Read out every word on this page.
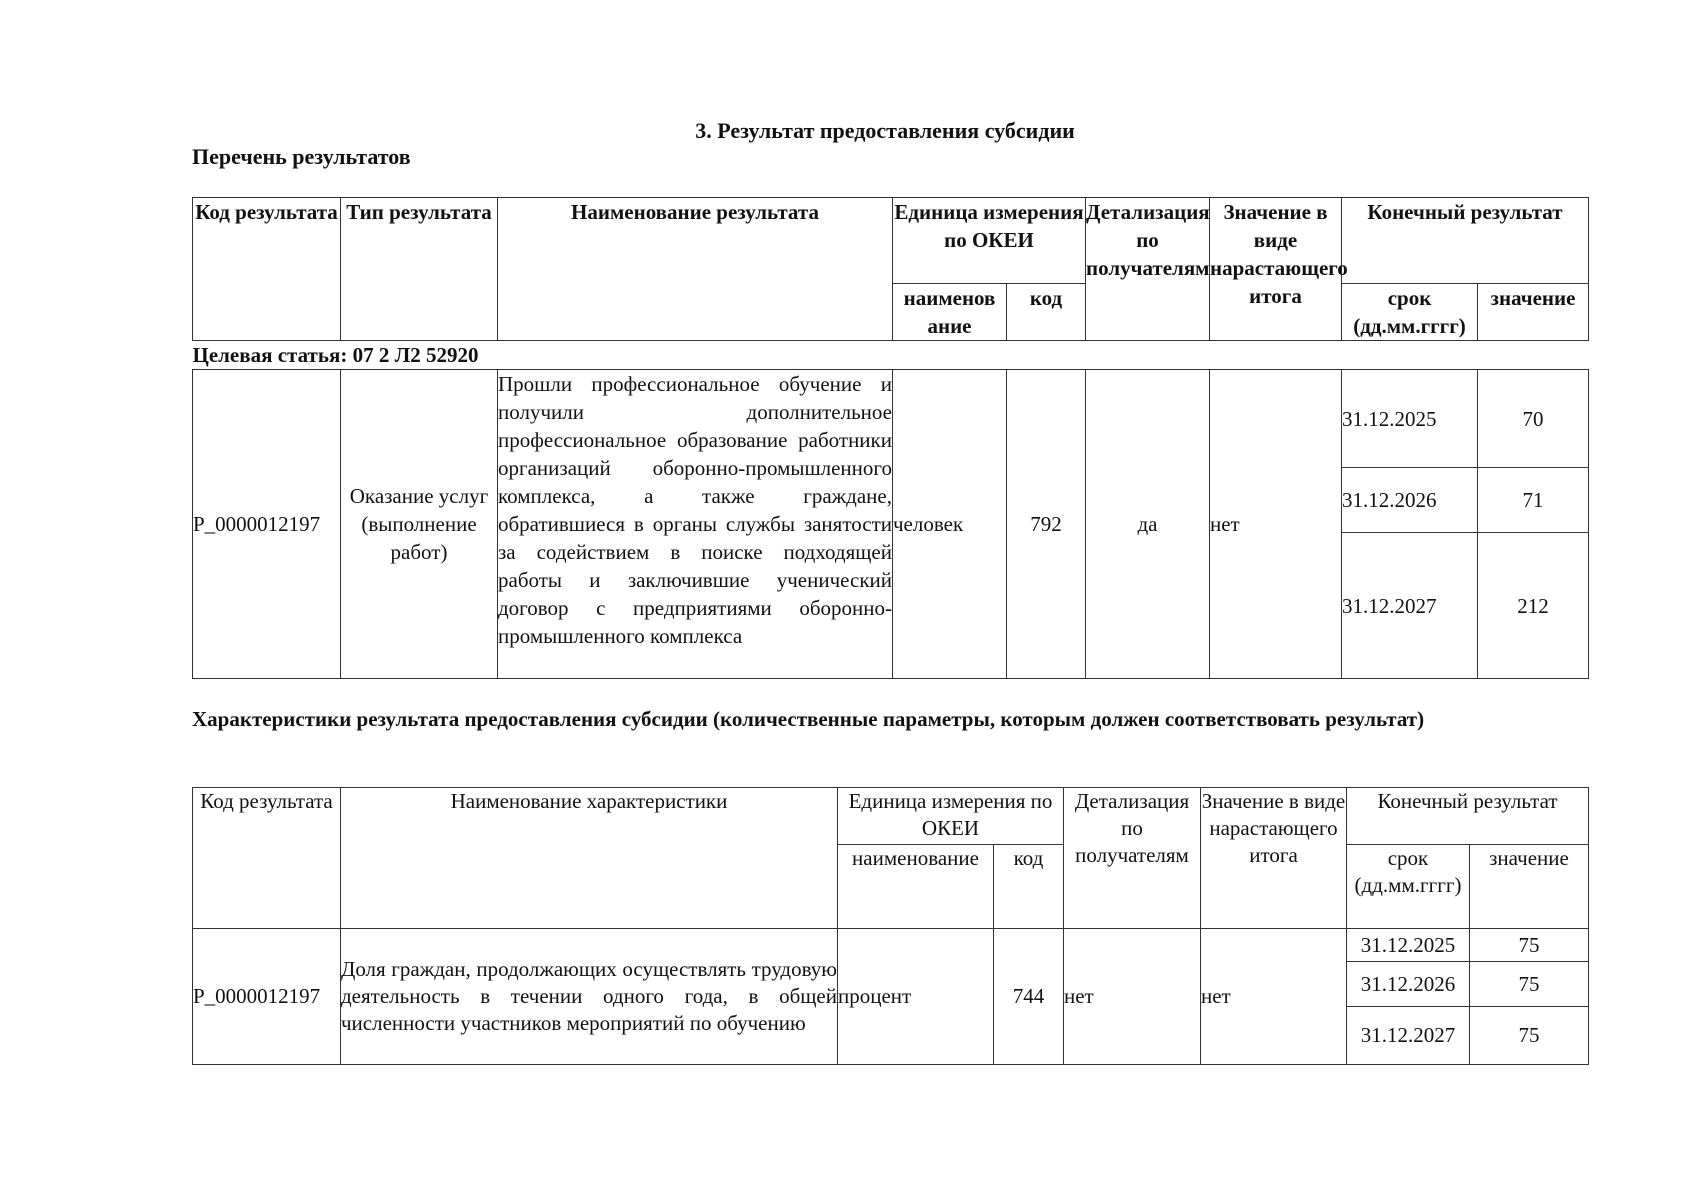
3. Результат предоставления субсидии
Перечень результатов
Код результата	Тип результата	Наименование результата	Единица измерения по ОКЕИ		Детализация по получателям	Значение в виде нарастающего итога	Конечный результат	
			наименов ание	код			срок (дд.мм.гггг)	значение
Целевая статья: 07 2 Л2 52920								
Р_0000012197	Оказание услуг (выполнение работ)	Прошли профессиональное обучение и получили дополнительное профессиональное образование работники организаций оборонно-промышленного комплекса, а также граждане, обратившиеся в органы службы занятости за содействием в поиске подходящей работы и заключившие ученический договор с предприятиями оборонно-промышленного комплекса	человек	792	да	нет	31.12.2025	70
							31.12.2026	71
							31.12.2027	212
Характеристики результата предоставления субсидии (количественные параметры, которым должен соответствовать результат)
Код результата	Наименование характеристики	Единица измерения по ОКЕИ		Детализация по получателям	Значение в виде нарастающего итога	Конечный результат	
		наименование	код			срок (дд.мм.гггг)	значение
Р_0000012197	Доля граждан, продолжающих осуществлять трудовую деятельность в течении одного года, в общей численности участников мероприятий по обучению	процент	744	нет	нет	31.12.2025	75
						31.12.2026	75
						31.12.2027	75
